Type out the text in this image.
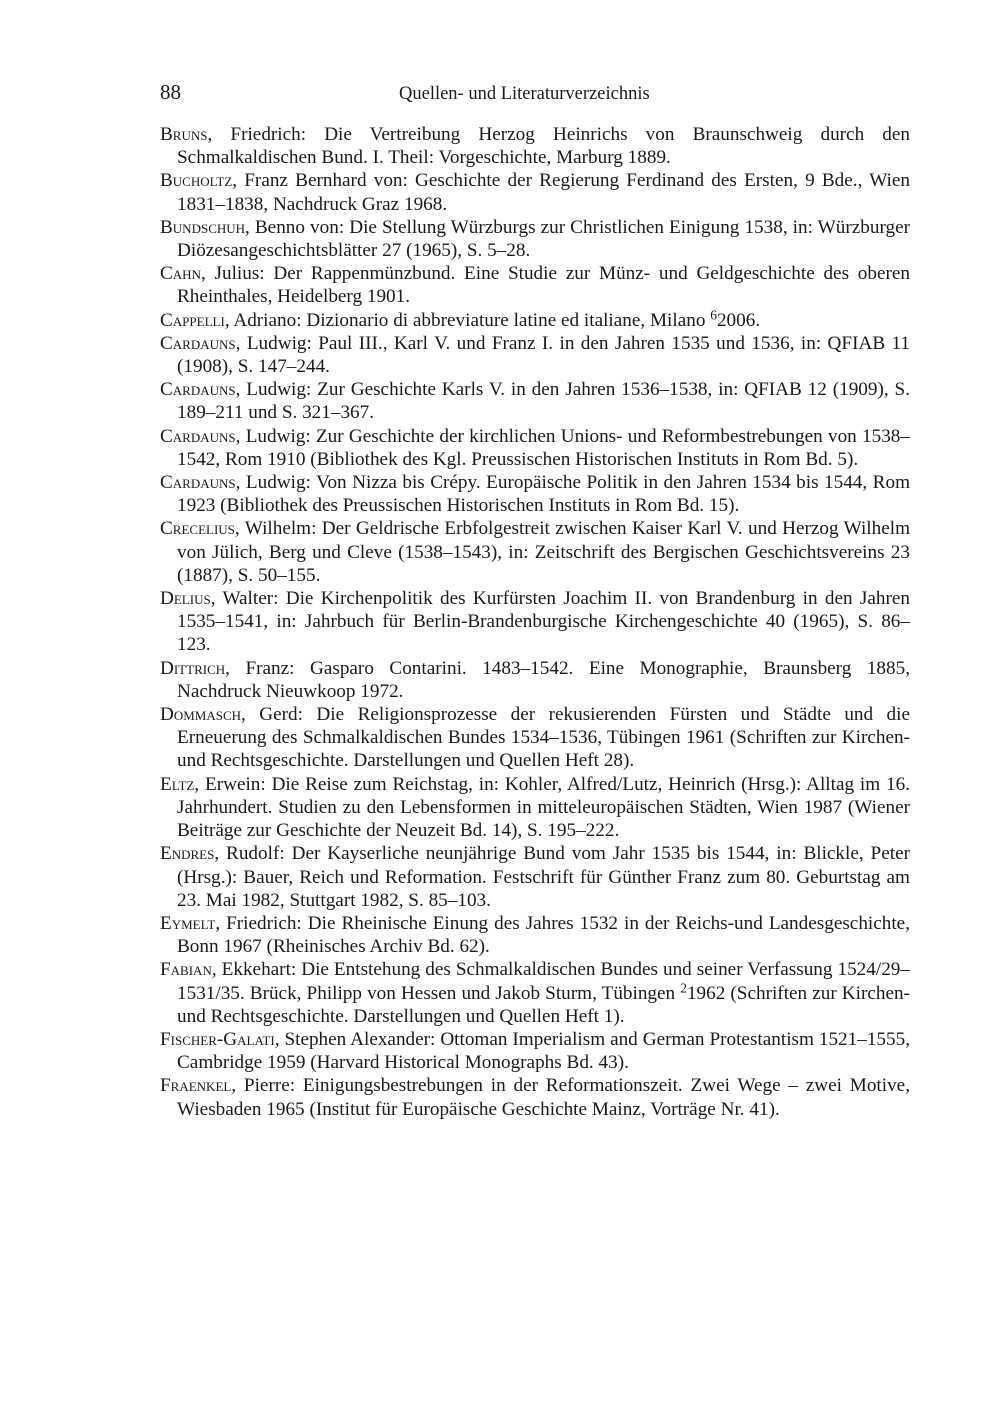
88	Quellen- und Literaturverzeichnis
Bruns, Friedrich: Die Vertreibung Herzog Heinrichs von Braunschweig durch den Schmalkaldischen Bund. I. Theil: Vorgeschichte, Marburg 1889.
Bucholtz, Franz Bernhard von: Geschichte der Regierung Ferdinand des Ersten, 9 Bde., Wien 1831–1838, Nachdruck Graz 1968.
Bundschuh, Benno von: Die Stellung Würzburgs zur Christlichen Einigung 1538, in: Würzburger Diözesangeschichtsblätter 27 (1965), S. 5–28.
Cahn, Julius: Der Rappenmünzbund. Eine Studie zur Münz- und Geldgeschichte des oberen Rheinthales, Heidelberg 1901.
Cappelli, Adriano: Dizionario di abbreviature latine ed italiane, Milano $^6$2006.
Cardauns, Ludwig: Paul III., Karl V. und Franz I. in den Jahren 1535 und 1536, in: QFIAB 11 (1908), S. 147–244.
Cardauns, Ludwig: Zur Geschichte Karls V. in den Jahren 1536–1538, in: QFIAB 12 (1909), S. 189–211 und S. 321–367.
Cardauns, Ludwig: Zur Geschichte der kirchlichen Unions- und Reformbestrebungen von 1538–1542, Rom 1910 (Bibliothek des Kgl. Preussischen Historischen Instituts in Rom Bd. 5).
Cardauns, Ludwig: Von Nizza bis Crépy. Europäische Politik in den Jahren 1534 bis 1544, Rom 1923 (Bibliothek des Preussischen Historischen Instituts in Rom Bd. 15).
Crecelius, Wilhelm: Der Geldrische Erbfolgestreit zwischen Kaiser Karl V. und Herzog Wilhelm von Jülich, Berg und Cleve (1538–1543), in: Zeitschrift des Bergischen Geschichtsvereins 23 (1887), S. 50–155.
Delius, Walter: Die Kirchenpolitik des Kurfürsten Joachim II. von Brandenburg in den Jahren 1535–1541, in: Jahrbuch für Berlin-Brandenburgische Kirchengeschichte 40 (1965), S. 86–123.
Dittrich, Franz: Gasparo Contarini. 1483–1542. Eine Monographie, Braunsberg 1885, Nachdruck Nieuwkoop 1972.
Dommasch, Gerd: Die Religionsprozesse der rekusierenden Fürsten und Städte und die Erneuerung des Schmalkaldischen Bundes 1534–1536, Tübingen 1961 (Schriften zur Kirchen- und Rechtsgeschichte. Darstellungen und Quellen Heft 28).
Eltz, Erwein: Die Reise zum Reichstag, in: Kohler, Alfred/Lutz, Heinrich (Hrsg.): Alltag im 16. Jahrhundert. Studien zu den Lebensformen in mitteleuropäischen Städten, Wien 1987 (Wiener Beiträge zur Geschichte der Neuzeit Bd. 14), S. 195–222.
Endres, Rudolf: Der Kayserliche neunjährige Bund vom Jahr 1535 bis 1544, in: Blickle, Peter (Hrsg.): Bauer, Reich und Reformation. Festschrift für Günther Franz zum 80. Geburtstag am 23. Mai 1982, Stuttgart 1982, S. 85–103.
Eymelt, Friedrich: Die Rheinische Einung des Jahres 1532 in der Reichs-und Landesgeschichte, Bonn 1967 (Rheinisches Archiv Bd. 62).
Fabian, Ekkehart: Die Entstehung des Schmalkaldischen Bundes und seiner Verfassung 1524/29–1531/35. Brück, Philipp von Hessen und Jakob Sturm, Tübingen $^2$1962 (Schriften zur Kirchen- und Rechtsgeschichte. Darstellungen und Quellen Heft 1).
Fischer-Galati, Stephen Alexander: Ottoman Imperialism and German Protestantism 1521–1555, Cambridge 1959 (Harvard Historical Monographs Bd. 43).
Fraenkel, Pierre: Einigungsbestrebungen in der Reformationszeit. Zwei Wege – zwei Motive, Wiesbaden 1965 (Institut für Europäische Geschichte Mainz, Vorträge Nr. 41).
